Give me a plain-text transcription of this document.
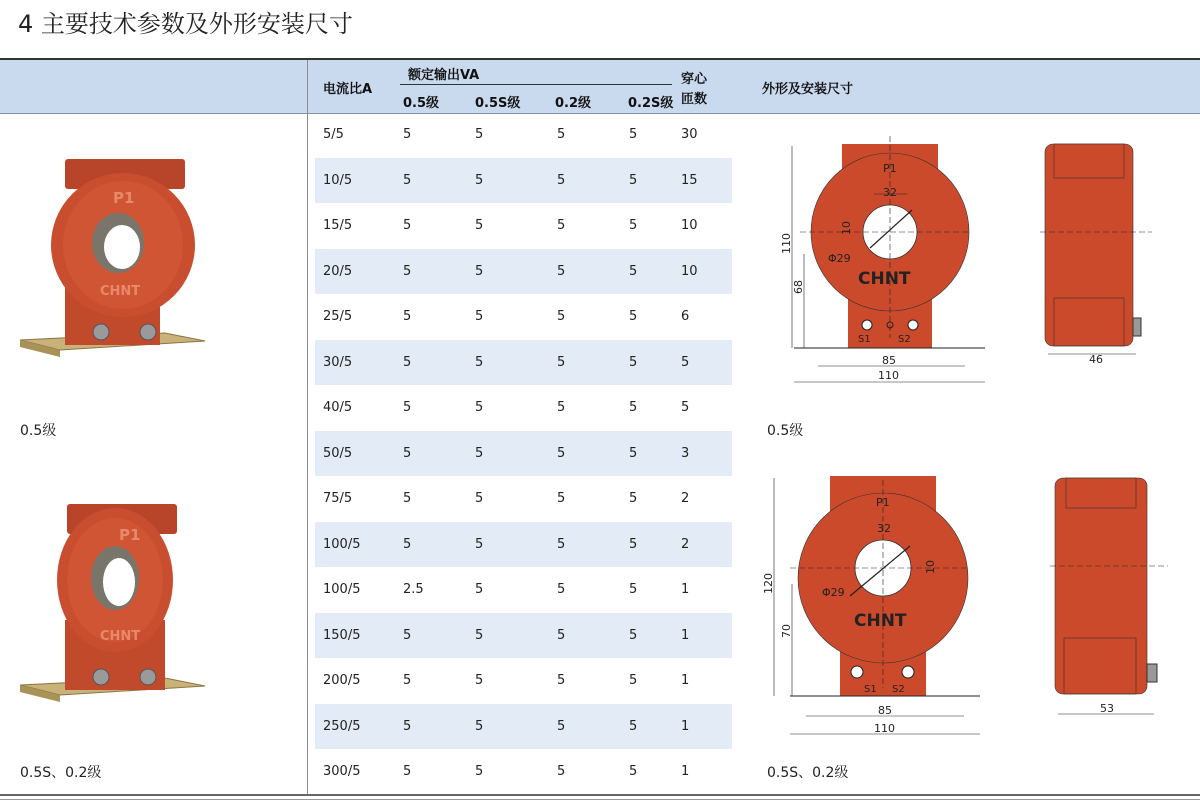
4 主要技术参数及外形安装尺寸
电流比A
额定输出VA
0.5级	0.5S级	0.2级	0.2S级
穿心
匝数
外形及安装尺寸
5/5	5	5	5	5	30
10/5	5	5	5	5	15
15/5	5	5	5	5	10
20/5	5	5	5	5	10
25/5	5	5	5	5	6
30/5	5	5	5	5	5
40/5	5	5	5	5	5
50/5	5	5	5	5	3
75/5	5	5	5	5	2
100/5	5	5	5	5	2
100/5	2.5	5	5	5	1
150/5	5	5	5	5	1
200/5	5	5	5	5	1
250/5	5	5	5	5	1
300/5	5	5	5	5	1
P1
CHNT
P1
CHNT
0.5级
0.5S、0.2级
0.5级
0.5S、0.2级
P1
32
10
Φ29
CHNT
S1	S2
110
68
85
110
46
P1
32
10
Φ29
CHNT
S1 S2
120
70
85
110
53
